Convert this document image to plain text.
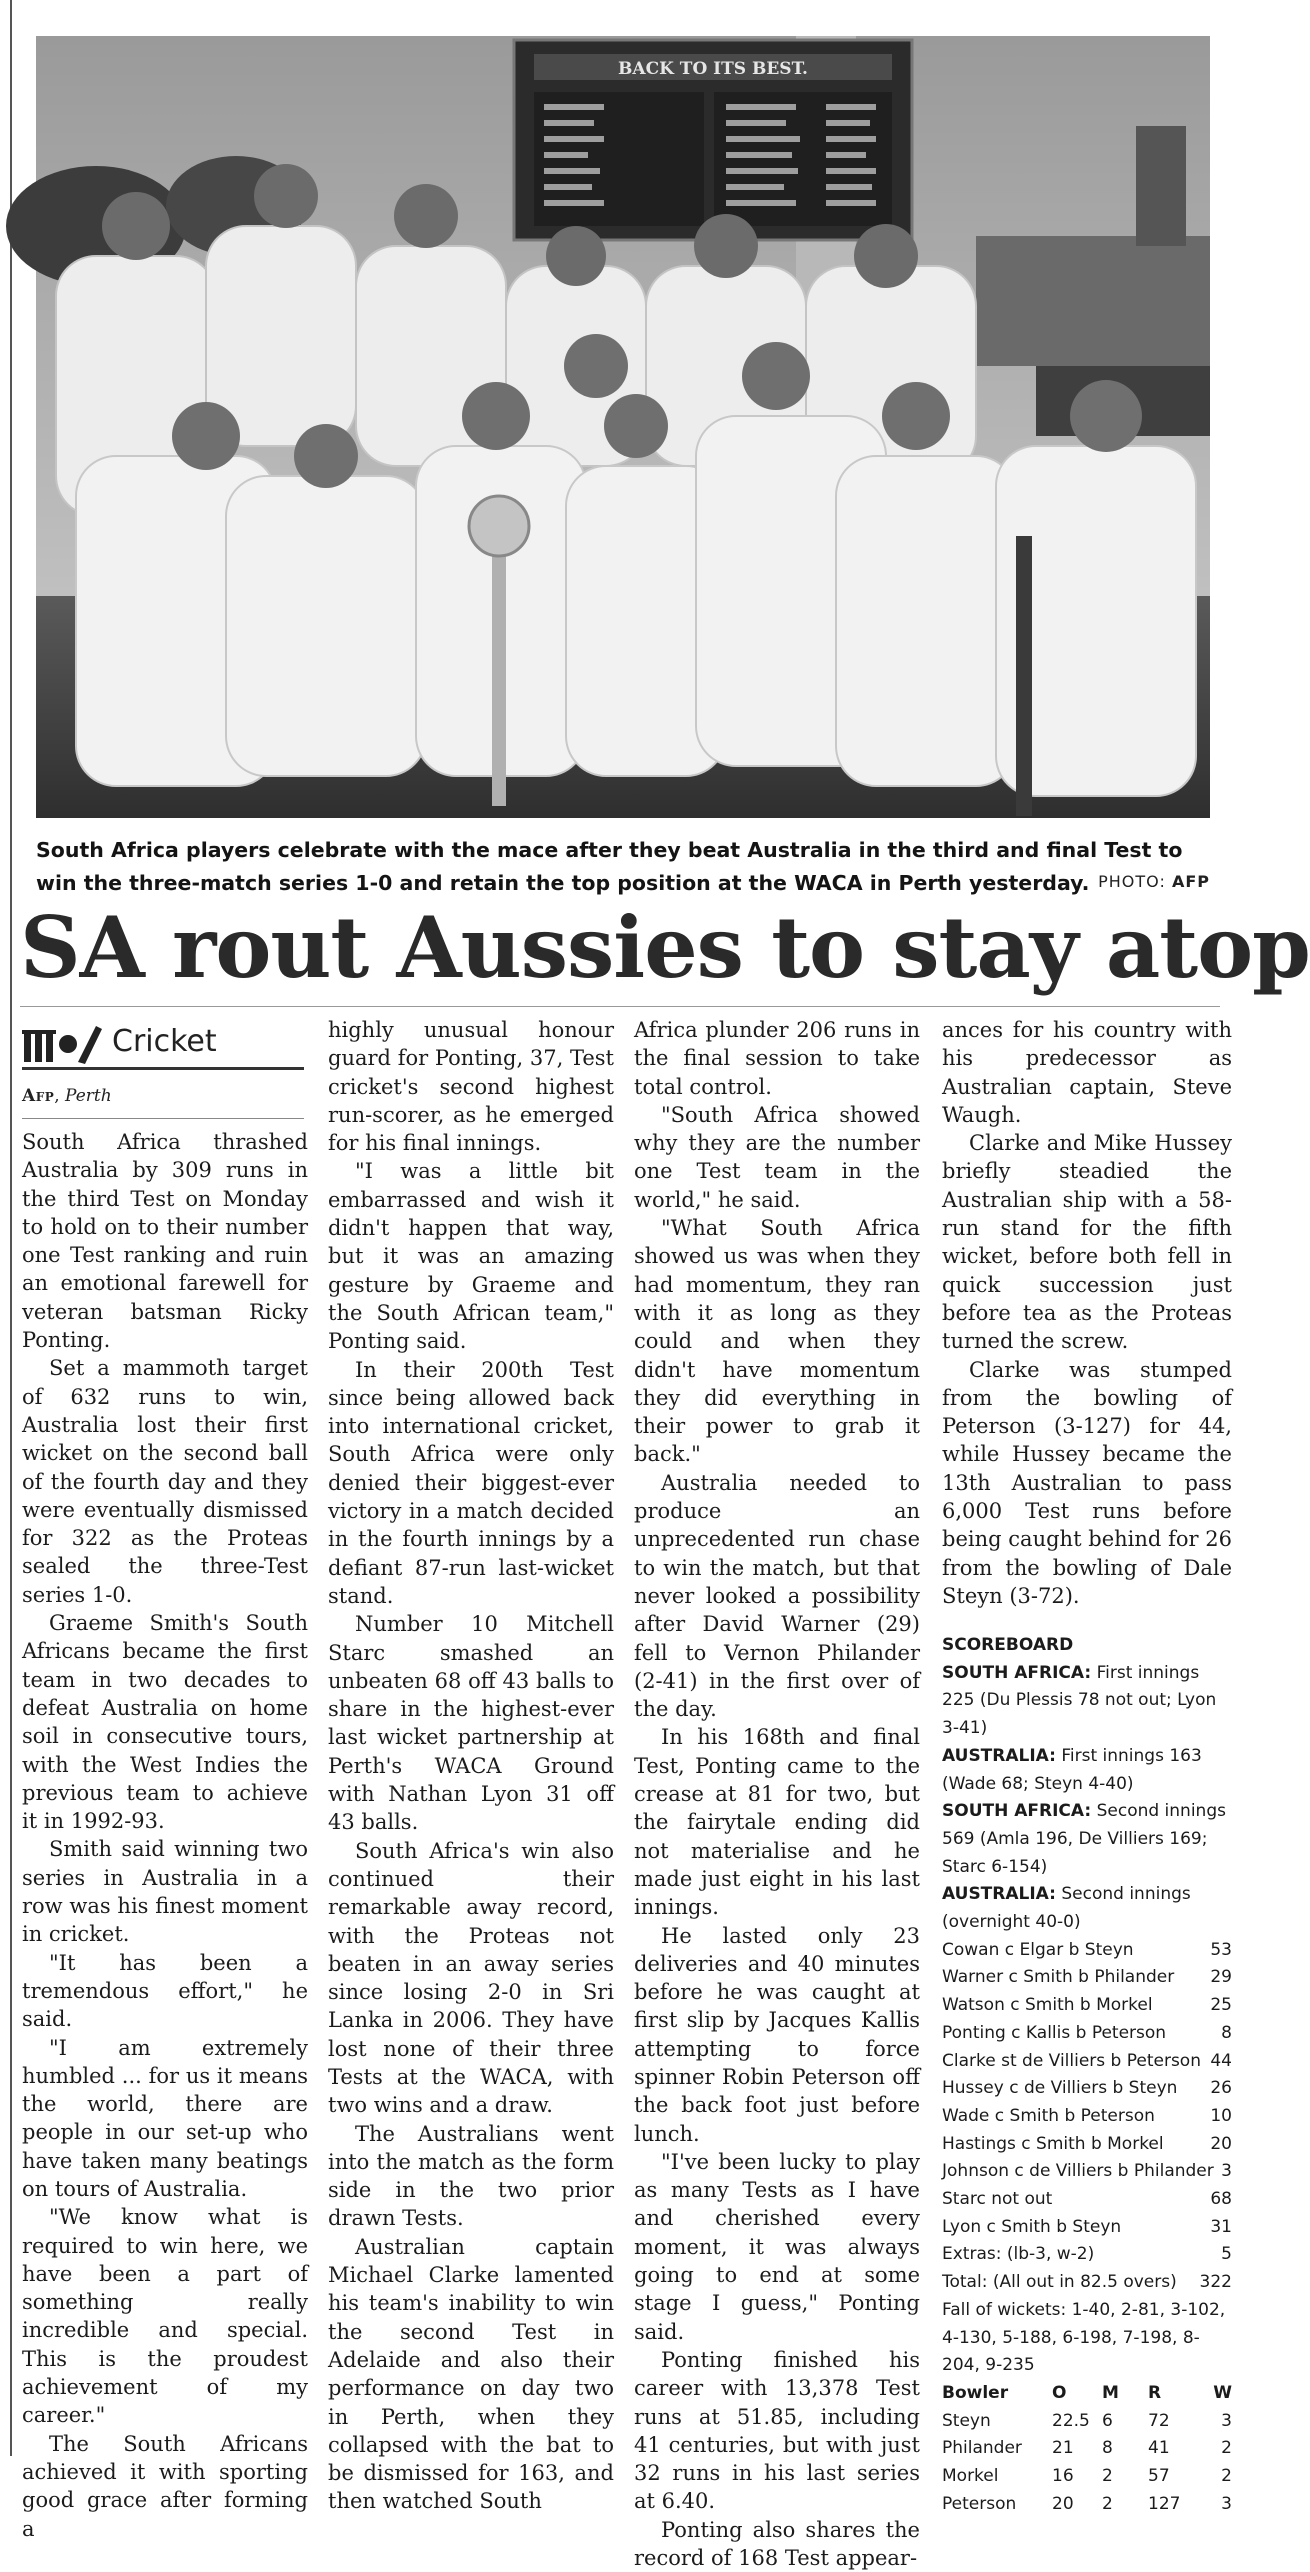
BACK TO ITS BEST.
South Africa players celebrate with the mace after they beat Australia in the third and final Test to win the three-match series 1-0 and retain the top position at the WACA in Perth yesterday. PHOTO: AFP
SA rout Aussies to stay atop
Cricket
Afp, Perth

South Africa thrashed Australia by 309 runs in the third Test on Monday to hold on to their number one Test ranking and ruin an emotional farewell for veteran batsman Ricky Ponting.

Set a mammoth target of 632 runs to win, Australia lost their first wicket on the second ball of the fourth day and they were eventually dismissed for 322 as the Proteas sealed the three-Test series 1-0.

Graeme Smith's South Africans became the first team in two decades to defeat Australia on home soil in consecutive tours, with the West Indies the previous team to achieve it in 1992-93.

Smith said winning two series in Australia in a row was his finest moment in cricket.

"It has been a tremendous effort," he said.

"I am extremely humbled ... for us it means the world, there are people in our set-up who have taken many beatings on tours of Australia.

"We know what is required to win here, we have been a part of something really incredible and special. This is the proudest achievement of my career."

The South Africans achieved it with sporting good grace after forming a

highly unusual honour guard for Ponting, 37, Test cricket's second highest run-scorer, as he emerged for his final innings.

"I was a little bit embarrassed and wish it didn't happen that way, but it was an amazing gesture by Graeme and the South African team," Ponting said.

In their 200th Test since being allowed back into international cricket, South Africa were only denied their biggest-ever victory in a match decided in the fourth innings by a defiant 87-run last-wicket stand.

Number 10 Mitchell Starc smashed an unbeaten 68 off 43 balls to share in the highest-ever last wicket partnership at Perth's WACA Ground with Nathan Lyon 31 off 43 balls.

South Africa's win also continued their remarkable away record, with the Proteas not beaten in an away series since losing 2-0 in Sri Lanka in 2006. They have lost none of their three Tests at the WACA, with two wins and a draw.

The Australians went into the match as the form side in the two prior drawn Tests.

Australian captain Michael Clarke lamented his team's inability to win the second Test in Adelaide and also their performance on day two in Perth, when they collapsed with the bat to be dismissed for 163, and then watched South

Africa plunder 206 runs in the final session to take total control.

"South Africa showed why they are the number one Test team in the world," he said.

"What South Africa showed us was when they had momentum, they ran with it as long as they could and when they didn't have momentum they did everything in their power to grab it back."

Australia needed to produce an unprecedented run chase to win the match, but that never looked a possibility after David Warner (29) fell to Vernon Philander (2-41) in the first over of the day.

In his 168th and final Test, Ponting came to the crease at 81 for two, but the fairytale ending did not materialise and he made just eight in his last innings.

He lasted only 23 deliveries and 40 minutes before he was caught at first slip by Jacques Kallis attempting to force spinner Robin Peterson off the back foot just before lunch.

"I've been lucky to play as many Tests as I have and cherished every moment, it was always going to end at some stage I guess," Ponting said.

Ponting finished his career with 13,378 Test runs at 51.85, including 41 centuries, but with just 32 runs in his last series at 6.40.

Ponting also shares the record of 168 Test appear-

ances for his country with his predecessor as Australian captain, Steve Waugh.

Clarke and Mike Hussey briefly steadied the Australian ship with a 58-run stand for the fifth wicket, before both fell in quick succession just before tea as the Proteas turned the screw.

Clarke was stumped from the bowling of Peterson (3-127) for 44, while Hussey became the 13th Australian to pass 6,000 Test runs before being caught behind for 26 from the bowling of Dale Steyn (3-72).

SCOREBOARD
SOUTH AFRICA: First innings 225 (Du Plessis 78 not out; Lyon 3-41)
AUSTRALIA: First innings 163 (Wade 68; Steyn 4-40)
SOUTH AFRICA: Second innings 569 (Amla 196, De Villiers 169; Starc 6-154)
AUSTRALIA: Second innings (overnight 40-0)
Cowan c Elgar b Steyn	53
Warner c Smith b Philander	29
Watson c Smith b Morkel	25
Ponting c Kallis b Peterson	8
Clarke st de Villiers b Peterson 44
Hussey c de Villiers b Steyn	26
Wade c Smith b Peterson	10
Hastings c Smith b Morkel	20
Johnson c de Villiers b Philander 3
Starc not out	68
Lyon c Smith b Steyn	31
Extras: (lb-3, w-2)	5
Total: (All out in 82.5 overs)	322
Fall of wickets: 1-40, 2-81, 3-102, 4-130, 5-188, 6-198, 7-198, 8-204, 9-235
Bowler	O	M	R	W
Steyn	22.5 6	72	3
Philander	21	8	41	2
Morkel	16	2	57	2
Peterson	20	2	127	3
